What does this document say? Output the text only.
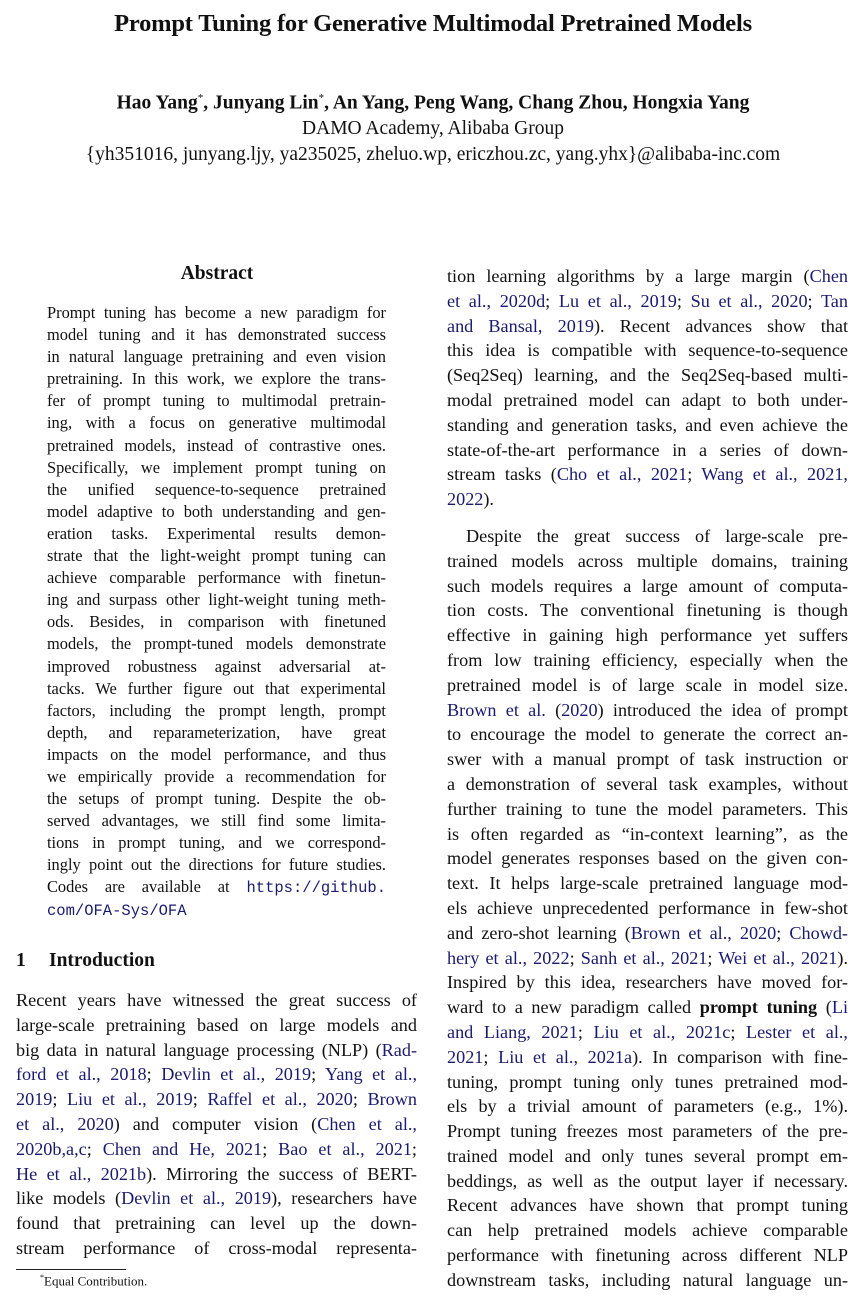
Prompt Tuning for Generative Multimodal Pretrained Models
Hao Yang*, Junyang Lin*, An Yang, Peng Wang, Chang Zhou, Hongxia Yang
DAMO Academy, Alibaba Group
{yh351016, junyang.ljy, ya235025, zheluo.wp, ericzhou.zc, yang.yhx}@alibaba-inc.com
Abstract
Prompt tuning has become a new paradigm for
model tuning and it has demonstrated success
in natural language pretraining and even vision
pretraining. In this work, we explore the trans-
fer of prompt tuning to multimodal pretrain-
ing, with a focus on generative multimodal
pretrained models, instead of contrastive ones.
Specifically, we implement prompt tuning on
the unified sequence-to-sequence pretrained
model adaptive to both understanding and gen-
eration tasks. Experimental results demon-
strate that the light-weight prompt tuning can
achieve comparable performance with finetun-
ing and surpass other light-weight tuning meth-
ods. Besides, in comparison with finetuned
models, the prompt-tuned models demonstrate
improved robustness against adversarial at-
tacks. We further figure out that experimental
factors, including the prompt length, prompt
depth, and reparameterization, have great
impacts on the model performance, and thus
we empirically provide a recommendation for
the setups of prompt tuning. Despite the ob-
served advantages, we still find some limita-
tions in prompt tuning, and we correspond-
ingly point out the directions for future studies.
Codes are available at https://github.
com/OFA-Sys/OFA
1 Introduction
Recent years have witnessed the great success of
large-scale pretraining based on large models and
big data in natural language processing (NLP) (Rad-
ford et al., 2018; Devlin et al., 2019; Yang et al.,
2019; Liu et al., 2019; Raffel et al., 2020; Brown
et al., 2020) and computer vision (Chen et al.,
2020b,a,c; Chen and He, 2021; Bao et al., 2021;
He et al., 2021b). Mirroring the success of BERT-
like models (Devlin et al., 2019), researchers have
found that pretraining can level up the down-
stream performance of cross-modal representa-
tion learning algorithms by a large margin (Chen
et al., 2020d; Lu et al., 2019; Su et al., 2020; Tan
and Bansal, 2019). Recent advances show that
this idea is compatible with sequence-to-sequence
(Seq2Seq) learning, and the Seq2Seq-based multi-
modal pretrained model can adapt to both under-
standing and generation tasks, and even achieve the
state-of-the-art performance in a series of down-
stream tasks (Cho et al., 2021; Wang et al., 2021,
2022).
Despite the great success of large-scale pre-
trained models across multiple domains, training
such models requires a large amount of computa-
tion costs. The conventional finetuning is though
effective in gaining high performance yet suffers
from low training efficiency, especially when the
pretrained model is of large scale in model size.
Brown et al. (2020) introduced the idea of prompt
to encourage the model to generate the correct an-
swer with a manual prompt of task instruction or
a demonstration of several task examples, without
further training to tune the model parameters. This
is often regarded as “in-context learning”, as the
model generates responses based on the given con-
text. It helps large-scale pretrained language mod-
els achieve unprecedented performance in few-shot
and zero-shot learning (Brown et al., 2020; Chowd-
hery et al., 2022; Sanh et al., 2021; Wei et al., 2021).
Inspired by this idea, researchers have moved for-
ward to a new paradigm called prompt tuning (Li
and Liang, 2021; Liu et al., 2021c; Lester et al.,
2021; Liu et al., 2021a). In comparison with fine-
tuning, prompt tuning only tunes pretrained mod-
els by a trivial amount of parameters (e.g., 1%).
Prompt tuning freezes most parameters of the pre-
trained model and only tunes several prompt em-
beddings, as well as the output layer if necessary.
Recent advances have shown that prompt tuning
can help pretrained models achieve comparable
performance with finetuning across different NLP
downstream tasks, including natural language un-
*Equal Contribution.
